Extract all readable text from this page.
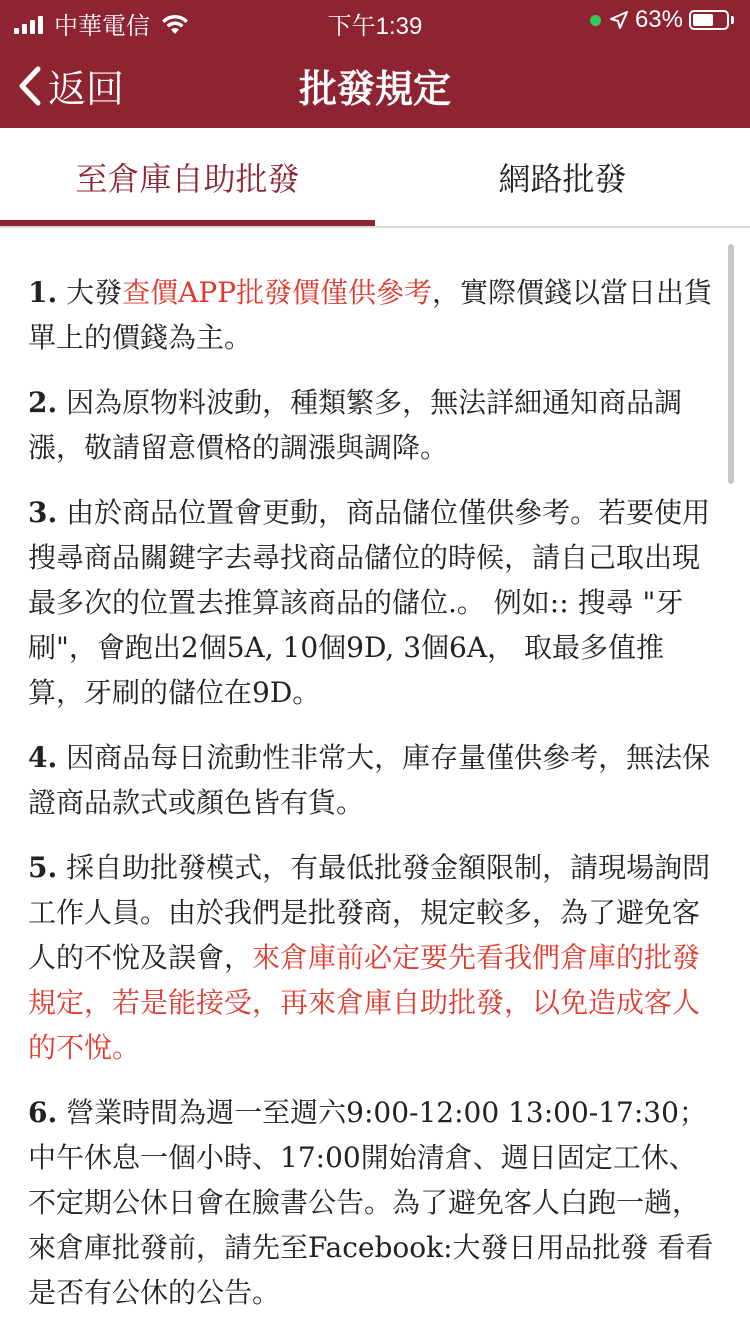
中華電信	下午1:39	63%
返回	批發規定
至倉庫自助批發	網路批發

1. 大發查價APP批發價僅供參考，實際價錢以當日出貨單上的價錢為主。

2. 因為原物料波動，種類繁多，無法詳細通知商品調漲，敬請留意價格的調漲與調降。

3. 由於商品位置會更動，商品儲位僅供參考。若要使用搜尋商品關鍵字去尋找商品儲位的時候，請自己取出現最多次的位置去推算該商品的儲位.。 例如:: 搜尋 "牙刷"，會跑出2個5A, 10個9D, 3個6A， 取最多值推算，牙刷的儲位在9D。

4. 因商品每日流動性非常大，庫存量僅供參考，無法保證商品款式或顏色皆有貨。

5. 採自助批發模式，有最低批發金額限制，請現場詢問工作人員。由於我們是批發商，規定較多，為了避免客人的不悅及誤會，來倉庫前必定要先看我們倉庫的批發規定，若是能接受，再來倉庫自助批發，以免造成客人的不悅。

6. 營業時間為週一至週六9:00-12:00 13:00-17:30；中午休息一個小時、17:00開始清倉、週日固定工休、不定期公休日會在臉書公告。為了避免客人白跑一趟，來倉庫批發前，請先至Facebook:大發日用品批發 看看是否有公休的公告。
